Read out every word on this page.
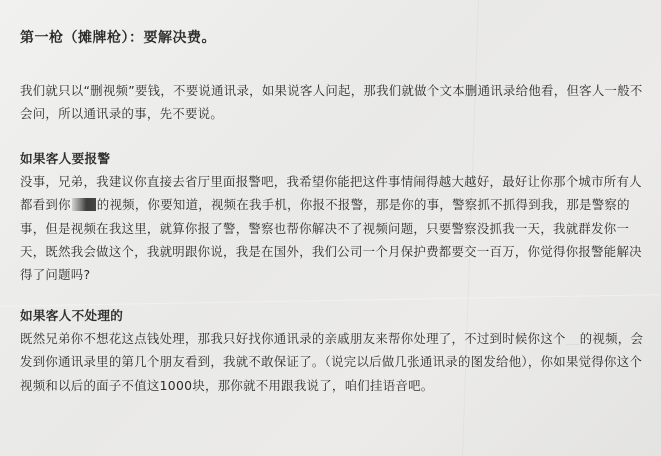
第一枪（摊牌枪）：要解决费。

我们就只以“删视频”要钱，不要说通讯录，如果说客人问起，那我们就做个文本删通讯录给他看，但客人一般不会问，所以通讯录的事，先不要说。

如果客人要报警

没事，兄弟，我建议你直接去省厅里面报警吧，我希望你能把这件事情闹得越大越好，最好让你那个城市所有人都看到你 的视频，你要知道，视频在我手机，你报不报警，那是你的事，警察抓不抓得到我，那是警察的事，但是视频在我这里，就算你报了警，警察也帮你解决不了视频问题，只要警察没抓我一天，我就群发你一天，既然我会做这个，我就明跟你说，我是在国外，我们公司一个月保护费都要交一百万，你觉得你报警能解决得了问题吗?

如果客人不处理的

既然兄弟你不想花这点钱处理，那我只好找你通讯录的亲戚朋友来帮你处理了，不过到时候你这个 的视频，会发到你通讯录里的第几个朋友看到，我就不敢保证了。（说完以后做几张通讯录的图发给他），你如果觉得你这个视频和以后的面子不值这1000块，那你就不用跟我说了，咱们挂语音吧。
